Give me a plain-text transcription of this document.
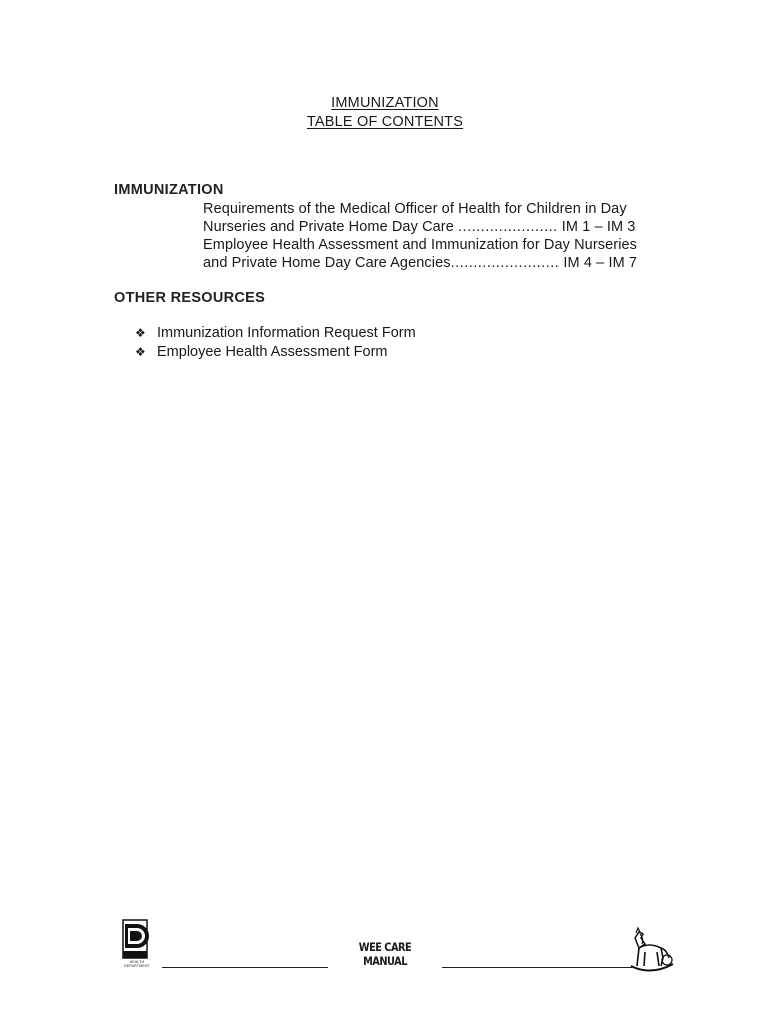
IMMUNIZATION
TABLE OF CONTENTS
IMMUNIZATION
Requirements of the Medical Officer of Health for Children in Day
Nurseries and Private Home Day Care ...................... IM 1 – IM 3
Employee Health Assessment and Immunization for Day Nurseries
and Private Home Day Care Agencies........................ IM 4 – IM 7
OTHER RESOURCES
❖ Immunization Information Request Form
❖ Employee Health Assessment Form
HEALTH DEPARTMENT
WEE CARE MANUAL
